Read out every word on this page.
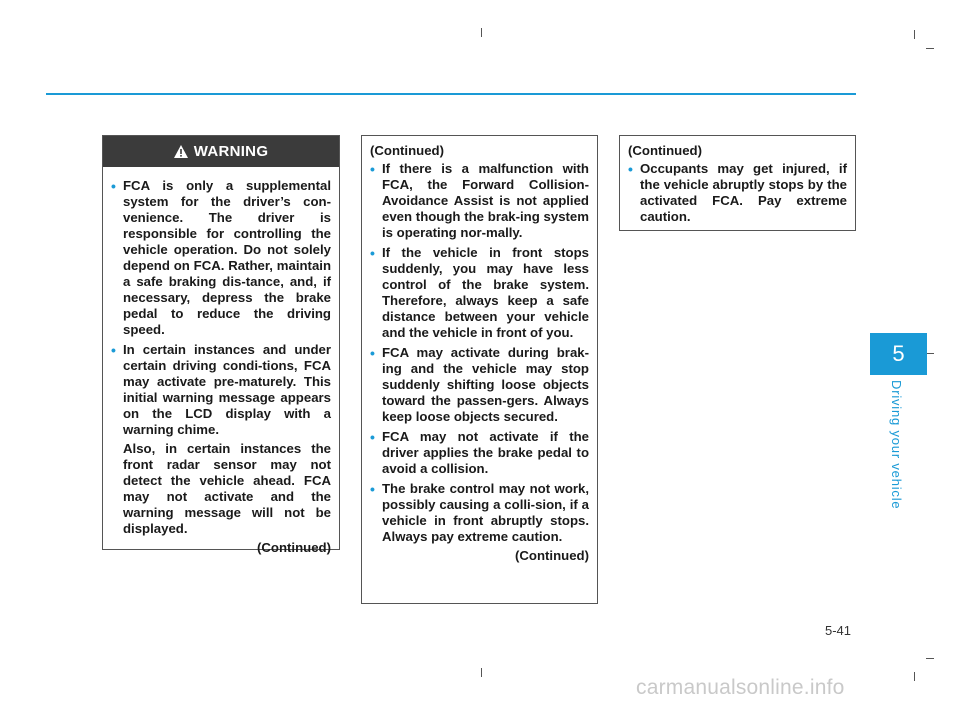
WARNING
• FCA is only a supplemental system for the driver’s con-venience. The driver is responsible for controlling the vehicle operation. Do not solely depend on FCA. Rather, maintain a safe braking dis-tance, and, if necessary, depress the brake pedal to reduce the driving speed.
• In certain instances and under certain driving condi-tions, FCA may activate pre-maturely. This initial warning message appears on the LCD display with a warning chime.
Also, in certain instances the front radar sensor may not detect the vehicle ahead. FCA may not activate and the warning message will not be displayed.
(Continued)
(Continued)
• If there is a malfunction with FCA, the Forward Collision-Avoidance Assist is not applied even though the brak-ing system is operating nor-mally.
• If the vehicle in front stops suddenly, you may have less control of the brake system. Therefore, always keep a safe distance between your vehicle and the vehicle in front of you.
• FCA may activate during brak-ing and the vehicle may stop suddenly shifting loose objects toward the passen-gers. Always keep loose objects secured.
• FCA may not activate if the driver applies the brake pedal to avoid a collision.
• The brake control may not work, possibly causing a colli-sion, if a vehicle in front abruptly stops. Always pay extreme caution.
(Continued)
(Continued)
• Occupants may get injured, if the vehicle abruptly stops by the activated FCA. Pay extreme caution.
5
Driving your vehicle
5-41
carmanualsonline.info
